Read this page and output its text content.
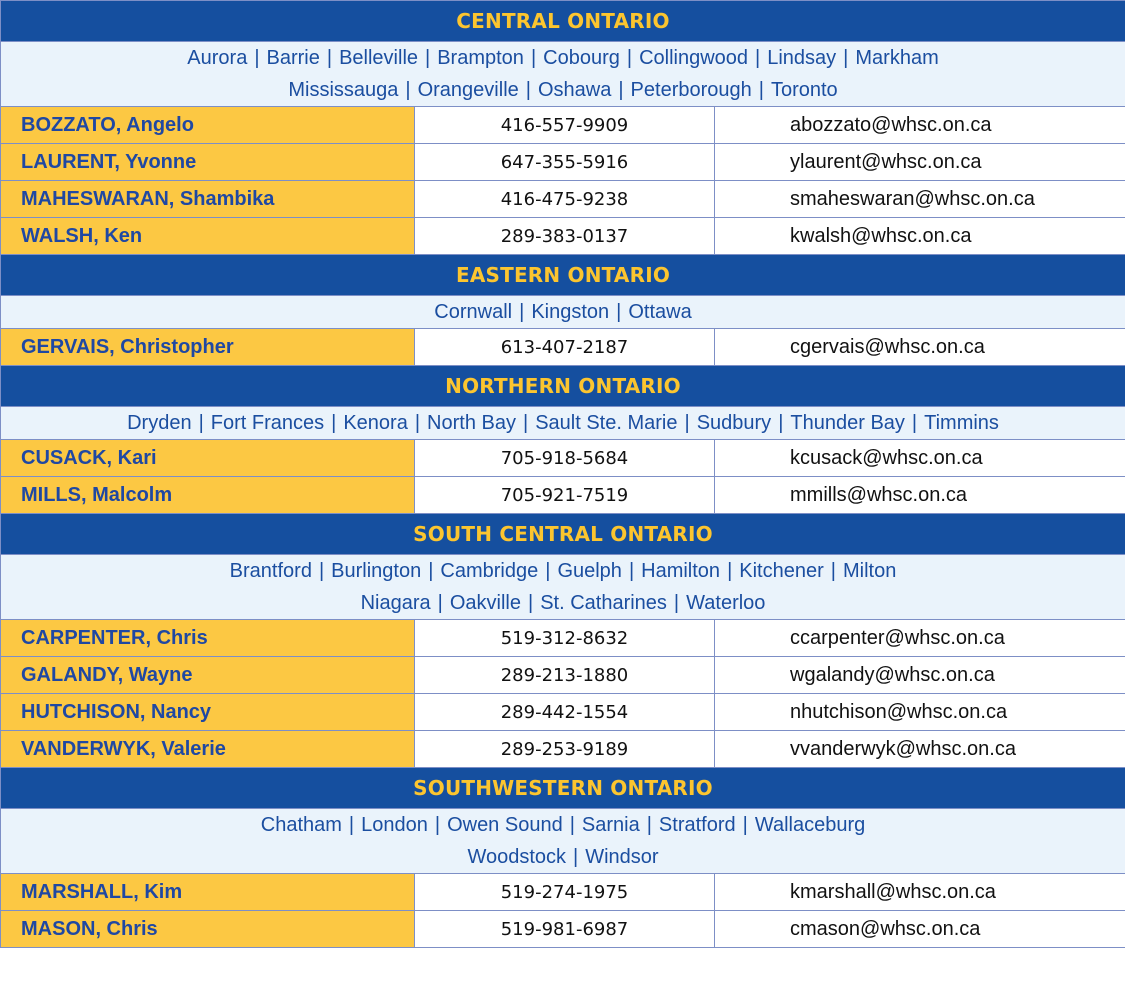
CENTRAL ONTARIO		

Aurora | Barrie | Belleville | Brampton | Cobourg | Collingwood | Lindsay | Markham
Mississauga | Orangeville | Oshawa | Peterborough | Toronto		

BOZZATO, Angelo	416-557-9909	abozzato@whsc.on.ca
LAURENT, Yvonne	647-355-5916	ylaurent@whsc.on.ca
MAHESWARAN, Shambika	416-475-9238	smaheswaran@whsc.on.ca
WALSH, Ken	289-383-0137	kwalsh@whsc.on.ca
EASTERN ONTARIO		

Cornwall | Kingston | Ottawa		

GERVAIS, Christopher	613-407-2187	cgervais@whsc.on.ca
NORTHERN ONTARIO		

Dryden | Fort Frances | Kenora | North Bay | Sault Ste. Marie | Sudbury | Thunder Bay | Timmins		

CUSACK, Kari	705-918-5684	kcusack@whsc.on.ca
MILLS, Malcolm	705-921-7519	mmills@whsc.on.ca
SOUTH CENTRAL ONTARIO		

Brantford | Burlington | Cambridge | Guelph | Hamilton | Kitchener | Milton
Niagara | Oakville | St. Catharines | Waterloo		

CARPENTER, Chris	519-312-8632	ccarpenter@whsc.on.ca
GALANDY, Wayne	289-213-1880	wgalandy@whsc.on.ca
HUTCHISON, Nancy	289-442-1554	nhutchison@whsc.on.ca
VANDERWYK, Valerie	289-253-9189	vvanderwyk@whsc.on.ca
SOUTHWESTERN ONTARIO		

Chatham | London | Owen Sound | Sarnia | Stratford | Wallaceburg
Woodstock | Windsor		

MARSHALL, Kim	519-274-1975	kmarshall@whsc.on.ca
MASON, Chris	519-981-6987	cmason@whsc.on.ca
